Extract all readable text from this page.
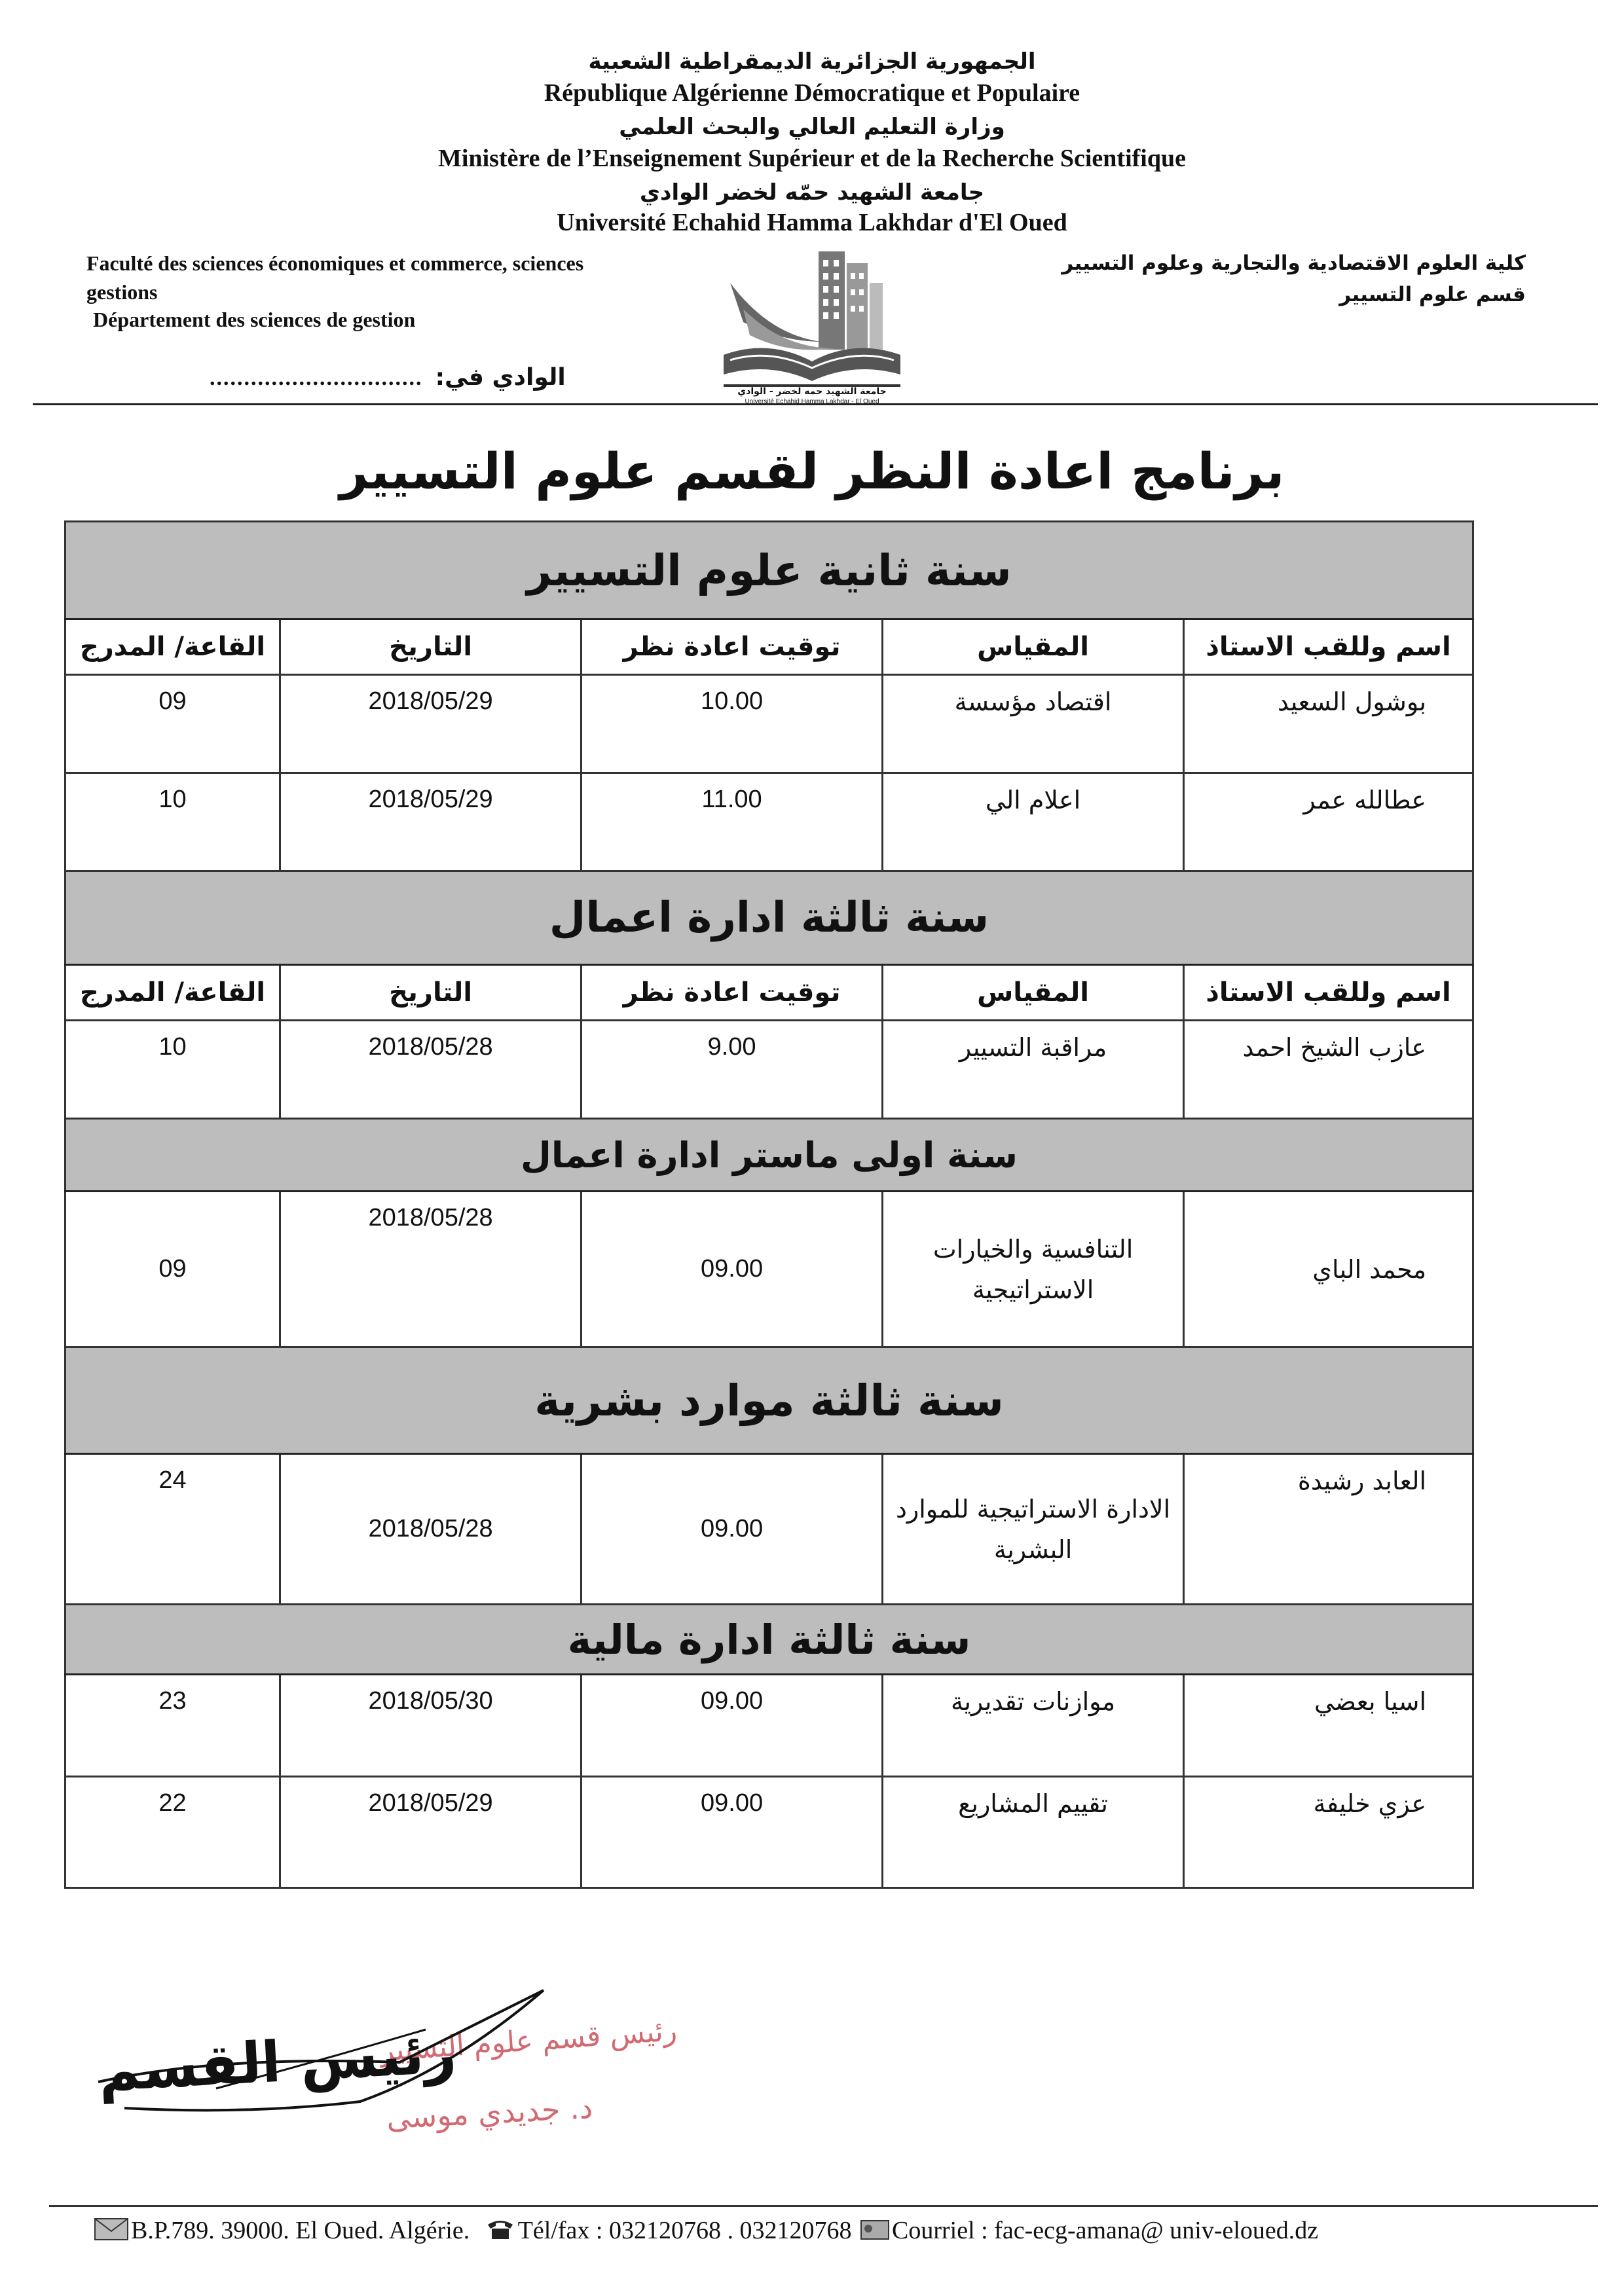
الجمهورية الجزائرية الديمقراطية الشعبية
République Algérienne Démocratique et Populaire
وزارة التعليم العالي والبحث العلمي
Ministère de l’Enseignement Supérieur et de la Recherche Scientifique
جامعة الشهيد حمّه لخضر الوادي
Université Echahid Hamma Lakhdar d'El Oued
Faculté des sciences économiques et commerce, sciences
gestions
Département des sciences de gestion
كلية العلوم الاقتصادية والتجارية وعلوم التسيير
قسم علوم التسيير
............................... الوادي في:
جامعة الشهيد حمه لخضر - الوادي
Université Echahid Hamma Lakhdar - El Oued
برنامج اعادة النظر لقسم علوم التسيير
سنة ثانية علوم التسيير				
اسم وللقب الاستاذ	المقياس	توقيت اعادة نظر	التاريخ	القاعة/ المدرج
بوشول السعيد	اقتصاد مؤسسة	10.00	2018/05/29	09
عطالله عمر	اعلام الي	11.00	2018/05/29	10
سنة ثالثة ادارة اعمال				
اسم وللقب الاستاذ	المقياس	توقيت اعادة نظر	التاريخ	القاعة/ المدرج
عازب الشيخ احمد	مراقبة التسيير	9.00	2018/05/28	10
سنة اولى ماستر ادارة اعمال				
محمد الباي	التنافسية والخيارات
الاستراتيجية	09.00	2018/05/28	09
سنة ثالثة موارد بشرية				
العابد رشيدة	الادارة الاستراتيجية للموارد
البشرية	09.00	2018/05/28	24
سنة ثالثة ادارة مالية				
اسيا بعضي	موازنات تقديرية	09.00	2018/05/30	23
عزي خليفة	تقييم المشاريع	09.00	2018/05/29	22
رئيس قسم علوم التسيير
د. جديدي موسى
رئيس القسم
B.P.789. 39000. El Oued. Algérie. Tél/fax : 032120768 . 032120768 Courriel : fac-ecg-amana@ univ-eloued.dz
